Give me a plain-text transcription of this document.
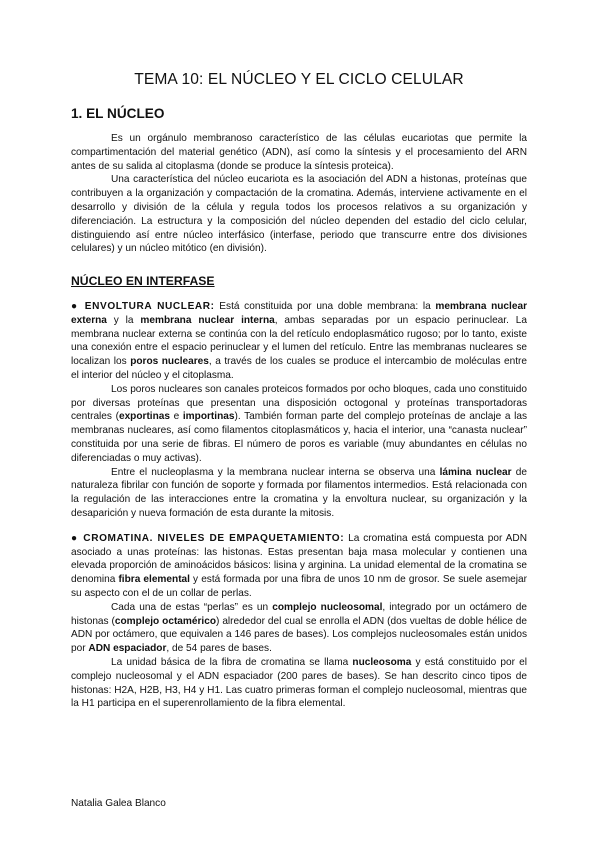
TEMA 10: EL NÚCLEO Y EL CICLO CELULAR
1. EL NÚCLEO

Es un orgánulo membranoso característico de las células eucariotas que permite la compartimentación del material genético (ADN), así como la síntesis y el procesamiento del ARN antes de su salida al citoplasma (donde se produce la síntesis proteica).

Una característica del núcleo eucariota es la asociación del ADN a histonas, proteínas que contribuyen a la organización y compactación de la cromatina. Además, interviene activamente en el desarrollo y división de la célula y regula todos los procesos relativos a su organización y diferenciación. La estructura y la composición del núcleo dependen del estadio del ciclo celular, distinguiendo así entre núcleo interfásico (interfase, periodo que transcurre entre dos divisiones celulares) y un núcleo mitótico (en división).

NÚCLEO EN INTERFASE

● ENVOLTURA NUCLEAR: Está constituida por una doble membrana: la membrana nuclear externa y la membrana nuclear interna, ambas separadas por un espacio perinuclear. La membrana nuclear externa se continúa con la del retículo endoplasmático rugoso; por lo tanto, existe una conexión entre el espacio perinuclear y el lumen del retículo. Entre las membranas nucleares se localizan los poros nucleares, a través de los cuales se produce el intercambio de moléculas entre el interior del núcleo y el citoplasma.

Los poros nucleares son canales proteicos formados por ocho bloques, cada uno constituido por diversas proteínas que presentan una disposición octogonal y proteínas transportadoras centrales (exportinas e importinas). También forman parte del complejo proteínas de anclaje a las membranas nucleares, así como filamentos citoplasmáticos y, hacia el interior, una “canasta nuclear” constituida por una serie de fibras. El número de poros es variable (muy abundantes en células no diferenciadas o muy activas).

Entre el nucleoplasma y la membrana nuclear interna se observa una lámina nuclear de naturaleza fibrilar con función de soporte y formada por filamentos intermedios. Está relacionada con la regulación de las interacciones entre la cromatina y la envoltura nuclear, su organización y la desaparición y nueva formación de esta durante la mitosis.

● CROMATINA. NIVELES DE EMPAQUETAMIENTO: La cromatina está compuesta por ADN asociado a unas proteínas: las histonas. Estas presentan baja masa molecular y contienen una elevada proporción de aminoácidos básicos: lisina y arginina. La unidad elemental de la cromatina se denomina fibra elemental y está formada por una fibra de unos 10 nm de grosor. Se suele asemejar su aspecto con el de un collar de perlas.

Cada una de estas “perlas” es un complejo nucleosomal, integrado por un octámero de histonas (complejo octamérico) alrededor del cual se enrolla el ADN (dos vueltas de doble hélice de ADN por octámero, que equivalen a 146 pares de bases). Los complejos nucleosomales están unidos por ADN espaciador, de 54 pares de bases.

La unidad básica de la fibra de cromatina se llama nucleosoma y está constituido por el complejo nucleosomal y el ADN espaciador (200 pares de bases). Se han descrito cinco tipos de histonas: H2A, H2B, H3, H4 y H1. Las cuatro primeras forman el complejo nucleosomal, mientras que la H1 participa en el superenrollamiento de la fibra elemental.

Natalia Galea Blanco
